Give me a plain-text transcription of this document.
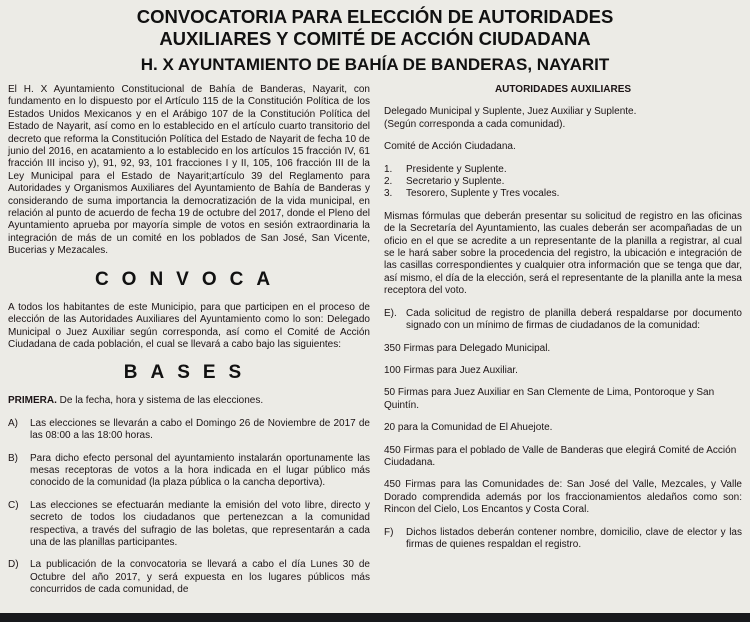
CONVOCATORIA PARA ELECCIÓN DE AUTORIDADES
AUXILIARES Y COMITÉ DE ACCIÓN CIUDADANA
H. X AYUNTAMIENTO DE BAHÍA DE BANDERAS, NAYARIT
El H. X Ayuntamiento Constitucional de Bahía de Banderas, Nayarit, con fundamento en lo dispuesto por el Artículo 115 de la Constitución Política de los Estados Unidos Mexicanos y en el Arábigo 107 de la Constitución Política del Estado de Nayarit, así como en lo establecido en el artículo cuarto transitorio del decreto que reforma la Constitución Política del Estado de Nayarit de fecha 10 de junio del 2016, en acatamiento a lo establecido en los artículos 15 fracción IV, 61 fracción III inciso y), 91, 92, 93, 101 fracciones I y II, 105, 106 fracción III de la Ley Municipal para el Estado de Nayarit;artículo 39 del Reglamento para Autoridades y Organismos Auxiliares del Ayuntamiento de Bahía de Banderas y considerando de suma importancia la democratización de la vida municipal, en relación al punto de acuerdo de fecha 19 de octubre del 2017, donde el Pleno del Ayuntamiento aprueba por mayoría simple de votos en sesión extraordinaria la integración de más de un comité en los poblados de San José, San Vicente, Bucerias y Mezacales.
CONVOCA
A todos los habitantes de este Municipio, para que participen en el proceso de elección de las Autoridades Auxiliares del Ayuntamiento como lo son: Delegado Municipal o Juez Auxiliar según corresponda, así como el Comité de Acción Ciudadana de cada población, el cual se llevará a cabo bajo las siguientes:
BASES
PRIMERA. De la fecha, hora y sistema de las elecciones.
A)	Las elecciones se llevarán a cabo el Domingo 26 de Noviembre de 2017 de las 08:00 a las 18:00 horas.
B)	Para dicho efecto personal del ayuntamiento instalarán oportunamente las mesas receptoras de votos a la hora indicada en el lugar público más conocido de la comunidad (la plaza pública o la cancha deportiva).
C)	Las elecciones se efectuarán mediante la emisión del voto libre, directo y secreto de todos los ciudadanos que pertenezcan a la comunidad respectiva, a través del sufragio de las boletas, que representarán a cada una de las planillas participantes.
D)	La publicación de la convocatoria se llevará a cabo el día Lunes 30 de Octubre del año 2017, y será expuesta en los lugares públicos más concurridos de cada comunidad, de
AUTORIDADES AUXILIARES
Delegado Municipal y Suplente, Juez Auxiliar y Suplente.
(Según corresponda a cada comunidad).
Comité de Acción Ciudadana.
1.	Presidente y Suplente.
2.	Secretario y Suplente.
3.	Tesorero, Suplente y Tres vocales.
Mismas fórmulas que deberán presentar su solicitud de registro en las oficinas de la Secretaría del Ayuntamiento, las cuales deberán ser acompañadas de un oficio en el que se acredite a un representante de la planilla a registrar, al cual se le hará saber sobre la procedencia del registro, la ubicación e integración de las casillas correspondientes y cualquier otra información que se tenga que dar, así mismo, el día de la elección, será el representante de la planilla ante la mesa receptora del voto.
E). Cada solicitud de registro de planilla deberá respaldarse por documento signado con un mínimo de firmas de ciudadanos de la comunidad:
350 Firmas para Delegado Municipal.
100 Firmas para Juez Auxiliar.
50 Firmas para Juez Auxiliar en San Clemente de Lima, Pontoroque y San Quintín.
20 para la Comunidad de El Ahuejote.
450 Firmas para el poblado de Valle de Banderas que elegirá Comité de Acción Ciudadana.
450 Firmas para las Comunidades de: San José del Valle, Mezcales, y Valle Dorado comprendida además por los fraccionamientos aledaños como son: Rincon del Cielo, Los Encantos y Costa Coral.
F)	Dichos listados deberán contener nombre, domicilio, clave de elector y las firmas de quienes respaldan el registro.
